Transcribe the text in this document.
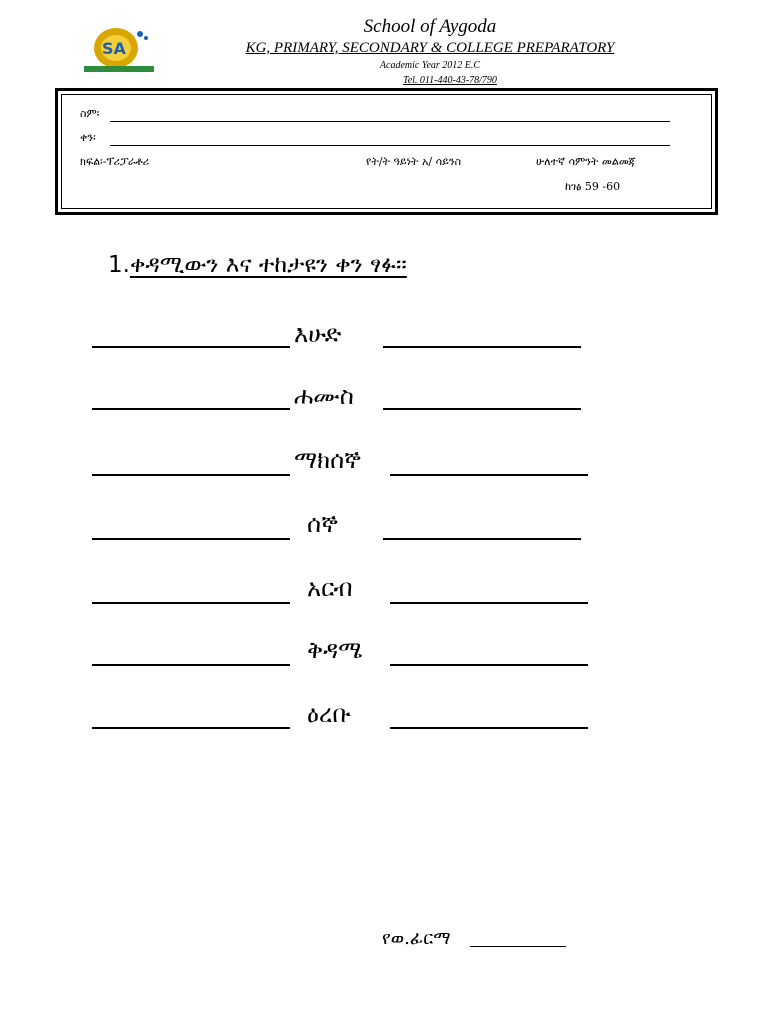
SA
School of Aygoda
KG, PRIMARY, SECONDARY & COLLEGE PREPARATORY
Academic Year 2012 E.C
Tel. 011-440-43-78/790
ስም፡
ቀን፡
ክፍል፡-ፕሪፓራቶሪ	የት/ት ዓይነት አ/ ሳይንስ	ሁለተኛ ሳምንት መልመጃ
ከገፅ 59 -60
1.ቀዳሚውን እና ተከታዩን ቀን ፃፉ፡፡
እሁድ
ሐሙስ
ማክሰኞ
ሰኞ
አርብ
ቅዳሜ
ዕረቡ
የወ.ፊርማ
